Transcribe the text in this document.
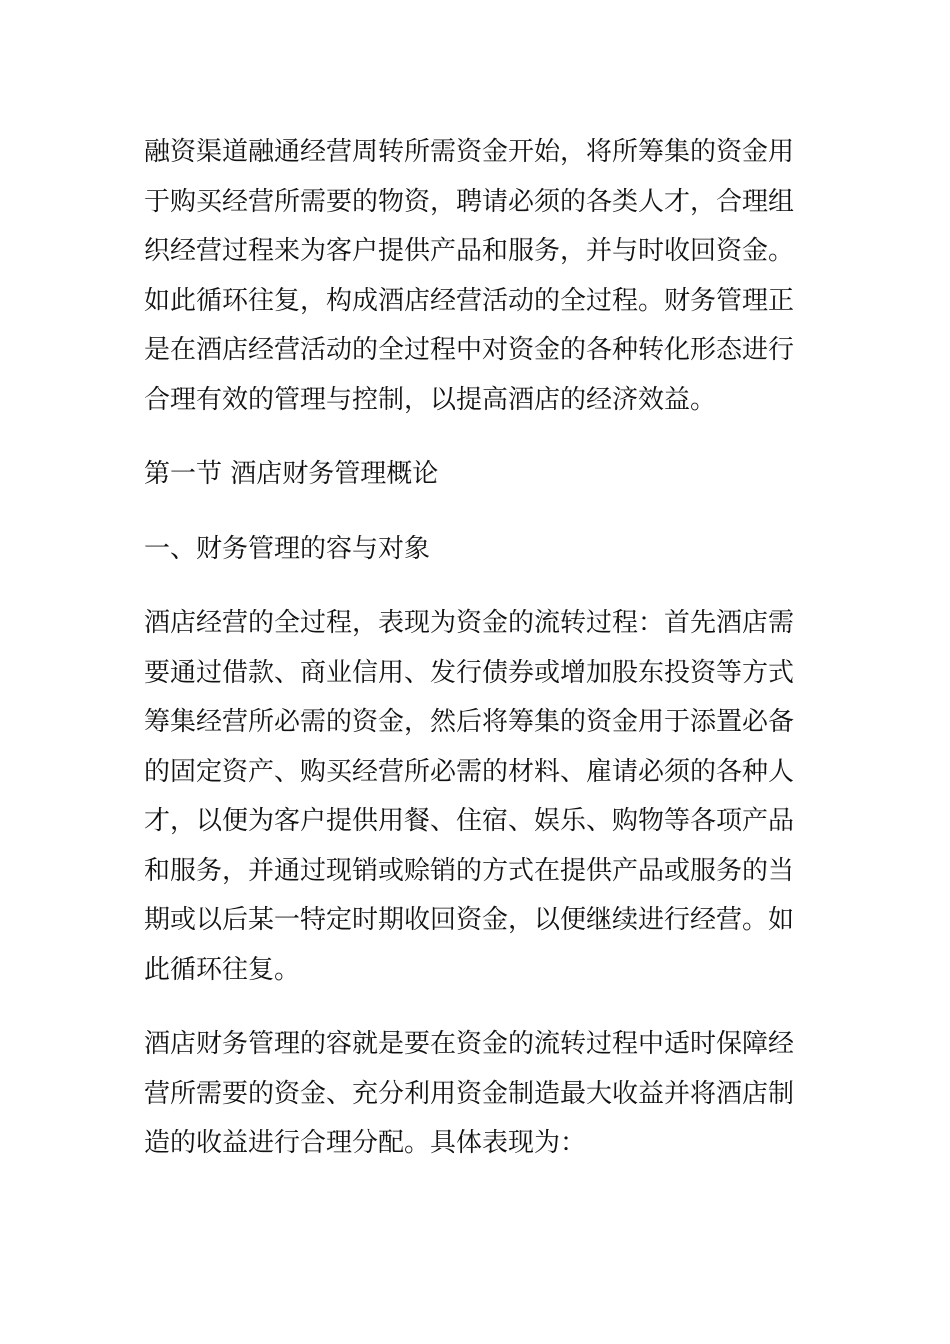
融资渠道融通经营周转所需资金开始，将所筹集的资金用
于购买经营所需要的物资，聘请必须的各类人才，合理组
织经营过程来为客户提供产品和服务，并与时收回资金。
如此循环往复，构成酒店经营活动的全过程。财务管理正
是在酒店经营活动的全过程中对资金的各种转化形态进行
合理有效的管理与控制，以提高酒店的经济效益。
第一节 酒店财务管理概论
一、财务管理的容与对象
酒店经营的全过程，表现为资金的流转过程：首先酒店需
要通过借款、商业信用、发行债券或增加股东投资等方式
筹集经营所必需的资金，然后将筹集的资金用于添置必备
的固定资产、购买经营所必需的材料、雇请必须的各种人
才，以便为客户提供用餐、住宿、娱乐、购物等各项产品
和服务，并通过现销或赊销的方式在提供产品或服务的当
期或以后某一特定时期收回资金，以便继续进行经营。如
此循环往复。
酒店财务管理的容就是要在资金的流转过程中适时保障经
营所需要的资金、充分利用资金制造最大收益并将酒店制
造的收益进行合理分配。具体表现为：
